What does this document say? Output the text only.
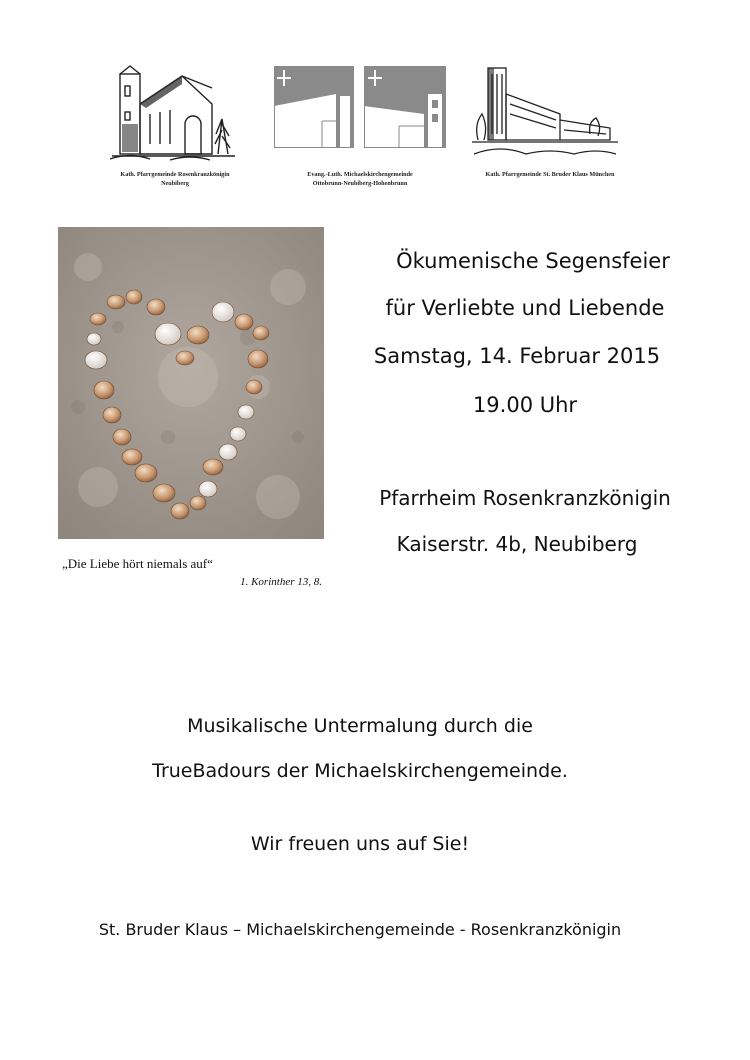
Kath. Pfarrgemeinde Rosenkranzkönigin
Neubiberg
Evang.-Luth. Michaelskirchengemeinde
Ottobrunn-Neubiberg-Hohenbrunn
Kath. Pfarrgemeinde St. Bruder Klaus München
„Die Liebe hört niemals auf“
1. Korinther 13, 8.
Ökumenische Segensfeier
für Verliebte und Liebende
Samstag, 14. Februar 2015
19.00 Uhr
Pfarrheim Rosenkranzkönigin
Kaiserstr. 4b, Neubiberg
Musikalische Untermalung durch die
TrueBadours der Michaelskirchengemeinde.
Wir freuen uns auf Sie!
St. Bruder Klaus – Michaelskirchengemeinde - Rosenkranzkönigin
